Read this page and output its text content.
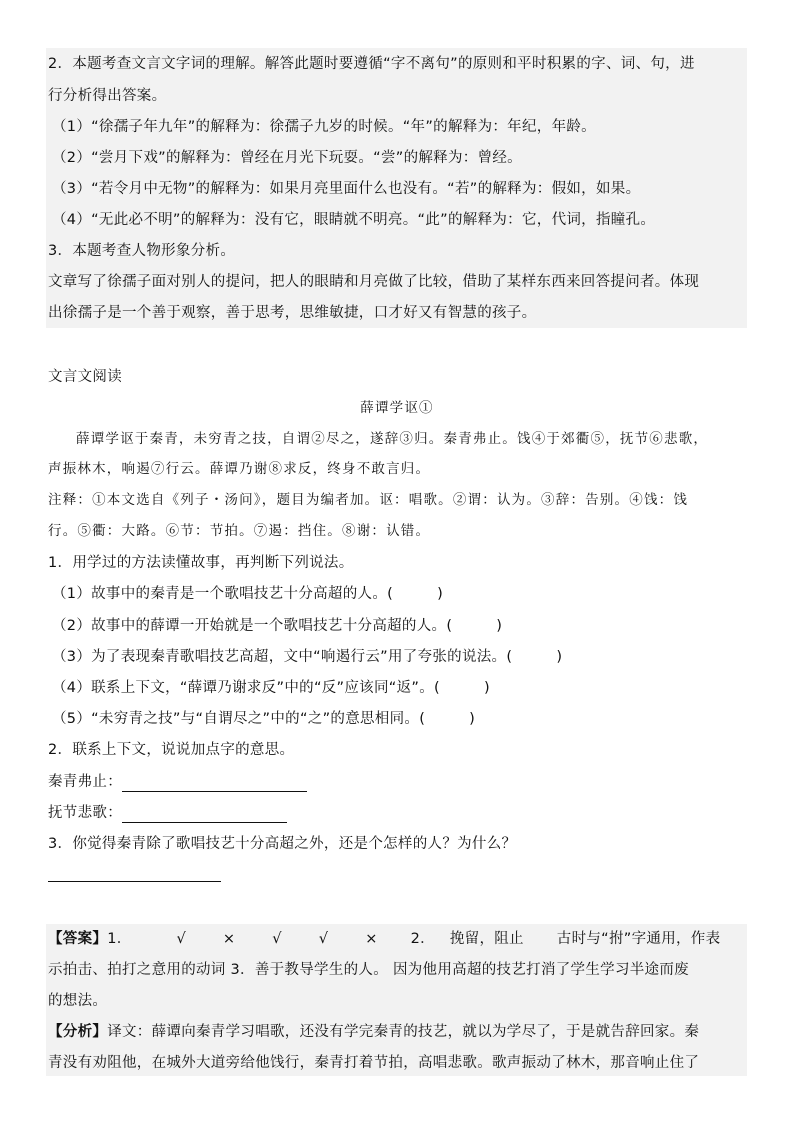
2．本题考查文言文字词的理解。解答此题时要遵循“字不离句”的原则和平时积累的字、词、句，进
行分析得出答案。
（1）“徐孺子年九年”的解释为：徐孺子九岁的时候。“年”的解释为：年纪，年龄。
（2）“尝月下戏”的解释为：曾经在月光下玩耍。“尝”的解释为：曾经。
（3）“若令月中无物”的解释为：如果月亮里面什么也没有。“若”的解释为：假如，如果。
（4）“无此必不明”的解释为：没有它，眼睛就不明亮。“此”的解释为：它，代词，指瞳孔。
3．本题考查人物形象分析。
文章写了徐孺子面对别人的提问，把人的眼睛和月亮做了比较，借助了某样东西来回答提问者。体现
出徐孺子是一个善于观察，善于思考，思维敏捷，口才好又有智慧的孩子。
文言文阅读
薛谭学讴①
薛谭学讴于秦青，未穷青之技，自谓②尽之，遂辞③归。秦青弗止。饯④于郊衢⑤，抚节⑥悲歌，
声振林木，响遏⑦行云。薛谭乃谢⑧求反，终身不敢言归。
注释：①本文选自《列子・汤问》，题目为编者加。讴：唱歌。②谓：认为。③辞：告别。④饯：饯
行。⑤衢：大路。⑥节：节拍。⑦遏：挡住。⑧谢：认错。
1．用学过的方法读懂故事，再判断下列说法。
（1）故事中的秦青是一个歌唱技艺十分高超的人。(	)
（2）故事中的薛谭一开始就是一个歌唱技艺十分高超的人。(	)
（3）为了表现秦青歌唱技艺高超，文中“响遏行云”用了夸张的说法。(	)
（4）联系上下文，“薛谭乃谢求反”中的“反”应该同“返”。(	)
（5）“未穷青之技”与“自谓尽之”中的“之”的意思相同。(	)
2．联系上下文，说说加点字的意思。
秦青弗止：
抚节悲歌：
3．你觉得秦青除了歌唱技艺十分高超之外，还是个怎样的人？为什么？
【答案】1．	√	×	√	√	× 2． 挽留，阻止 古时与“拊”字通用，作表
示拍击、拍打之意用的动词 3．善于教导学生的人。 因为他用高超的技艺打消了学生学习半途而废
的想法。
【分析】译文：薛谭向秦青学习唱歌，还没有学完秦青的技艺，就以为学尽了，于是就告辞回家。秦
青没有劝阻他，在城外大道旁给他饯行，秦青打着节拍，高唱悲歌。歌声振动了林木，那音响止住了
